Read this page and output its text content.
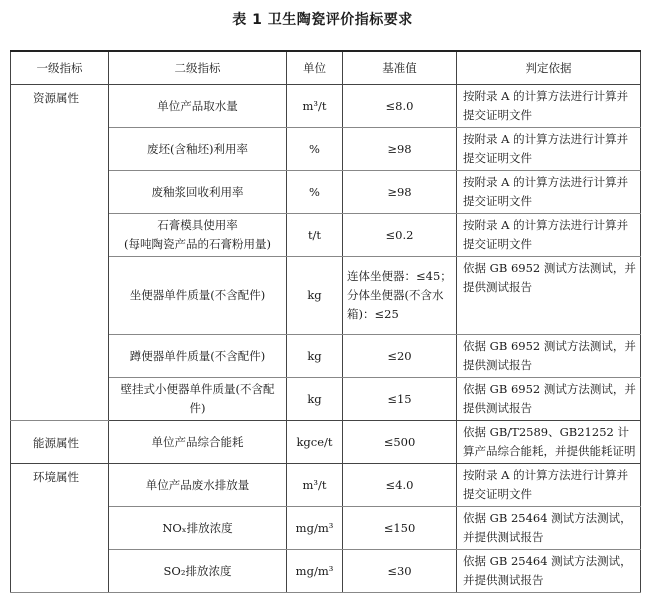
表 1 卫生陶瓷评价指标要求
一级指标	二级指标	单位	基准值	判定依据
资源属性	单位产品取水量	m³/t	≤8.0	按附录 A 的计算方法进行计算并提交证明文件
	废坯(含釉坯)利用率	%	≥98	按附录 A 的计算方法进行计算并提交证明文件
	废釉浆回收利用率	%	≥98	按附录 A 的计算方法进行计算并提交证明文件
	石膏模具使用率
(每吨陶瓷产品的石膏粉用量)	t/t	≤0.2	按附录 A 的计算方法进行计算并提交证明文件
	坐便器单件质量(不含配件)	kg	连体坐便器：≤45；
分体坐便器(不含水箱)：≤25	依据 GB 6952 测试方法测试，并提供测试报告
	蹲便器单件质量(不含配件)	kg	≤20	依据 GB 6952 测试方法测试，并提供测试报告
	壁挂式小便器单件质量(不含配件)	kg	≤15	依据 GB 6952 测试方法测试，并提供测试报告
能源属性	单位产品综合能耗	kgce/t	≤500	依据 GB/T2589、GB21252 计算产品综合能耗，并提供能耗证明
环境属性	单位产品废水排放量	m³/t	≤4.0	按附录 A 的计算方法进行计算并提交证明文件
	NOₓ排放浓度	mg/m³	≤150	依据 GB 25464 测试方法测试，并提供测试报告
	SO₂排放浓度	mg/m³	≤30	依据 GB 25464 测试方法测试，并提供测试报告
